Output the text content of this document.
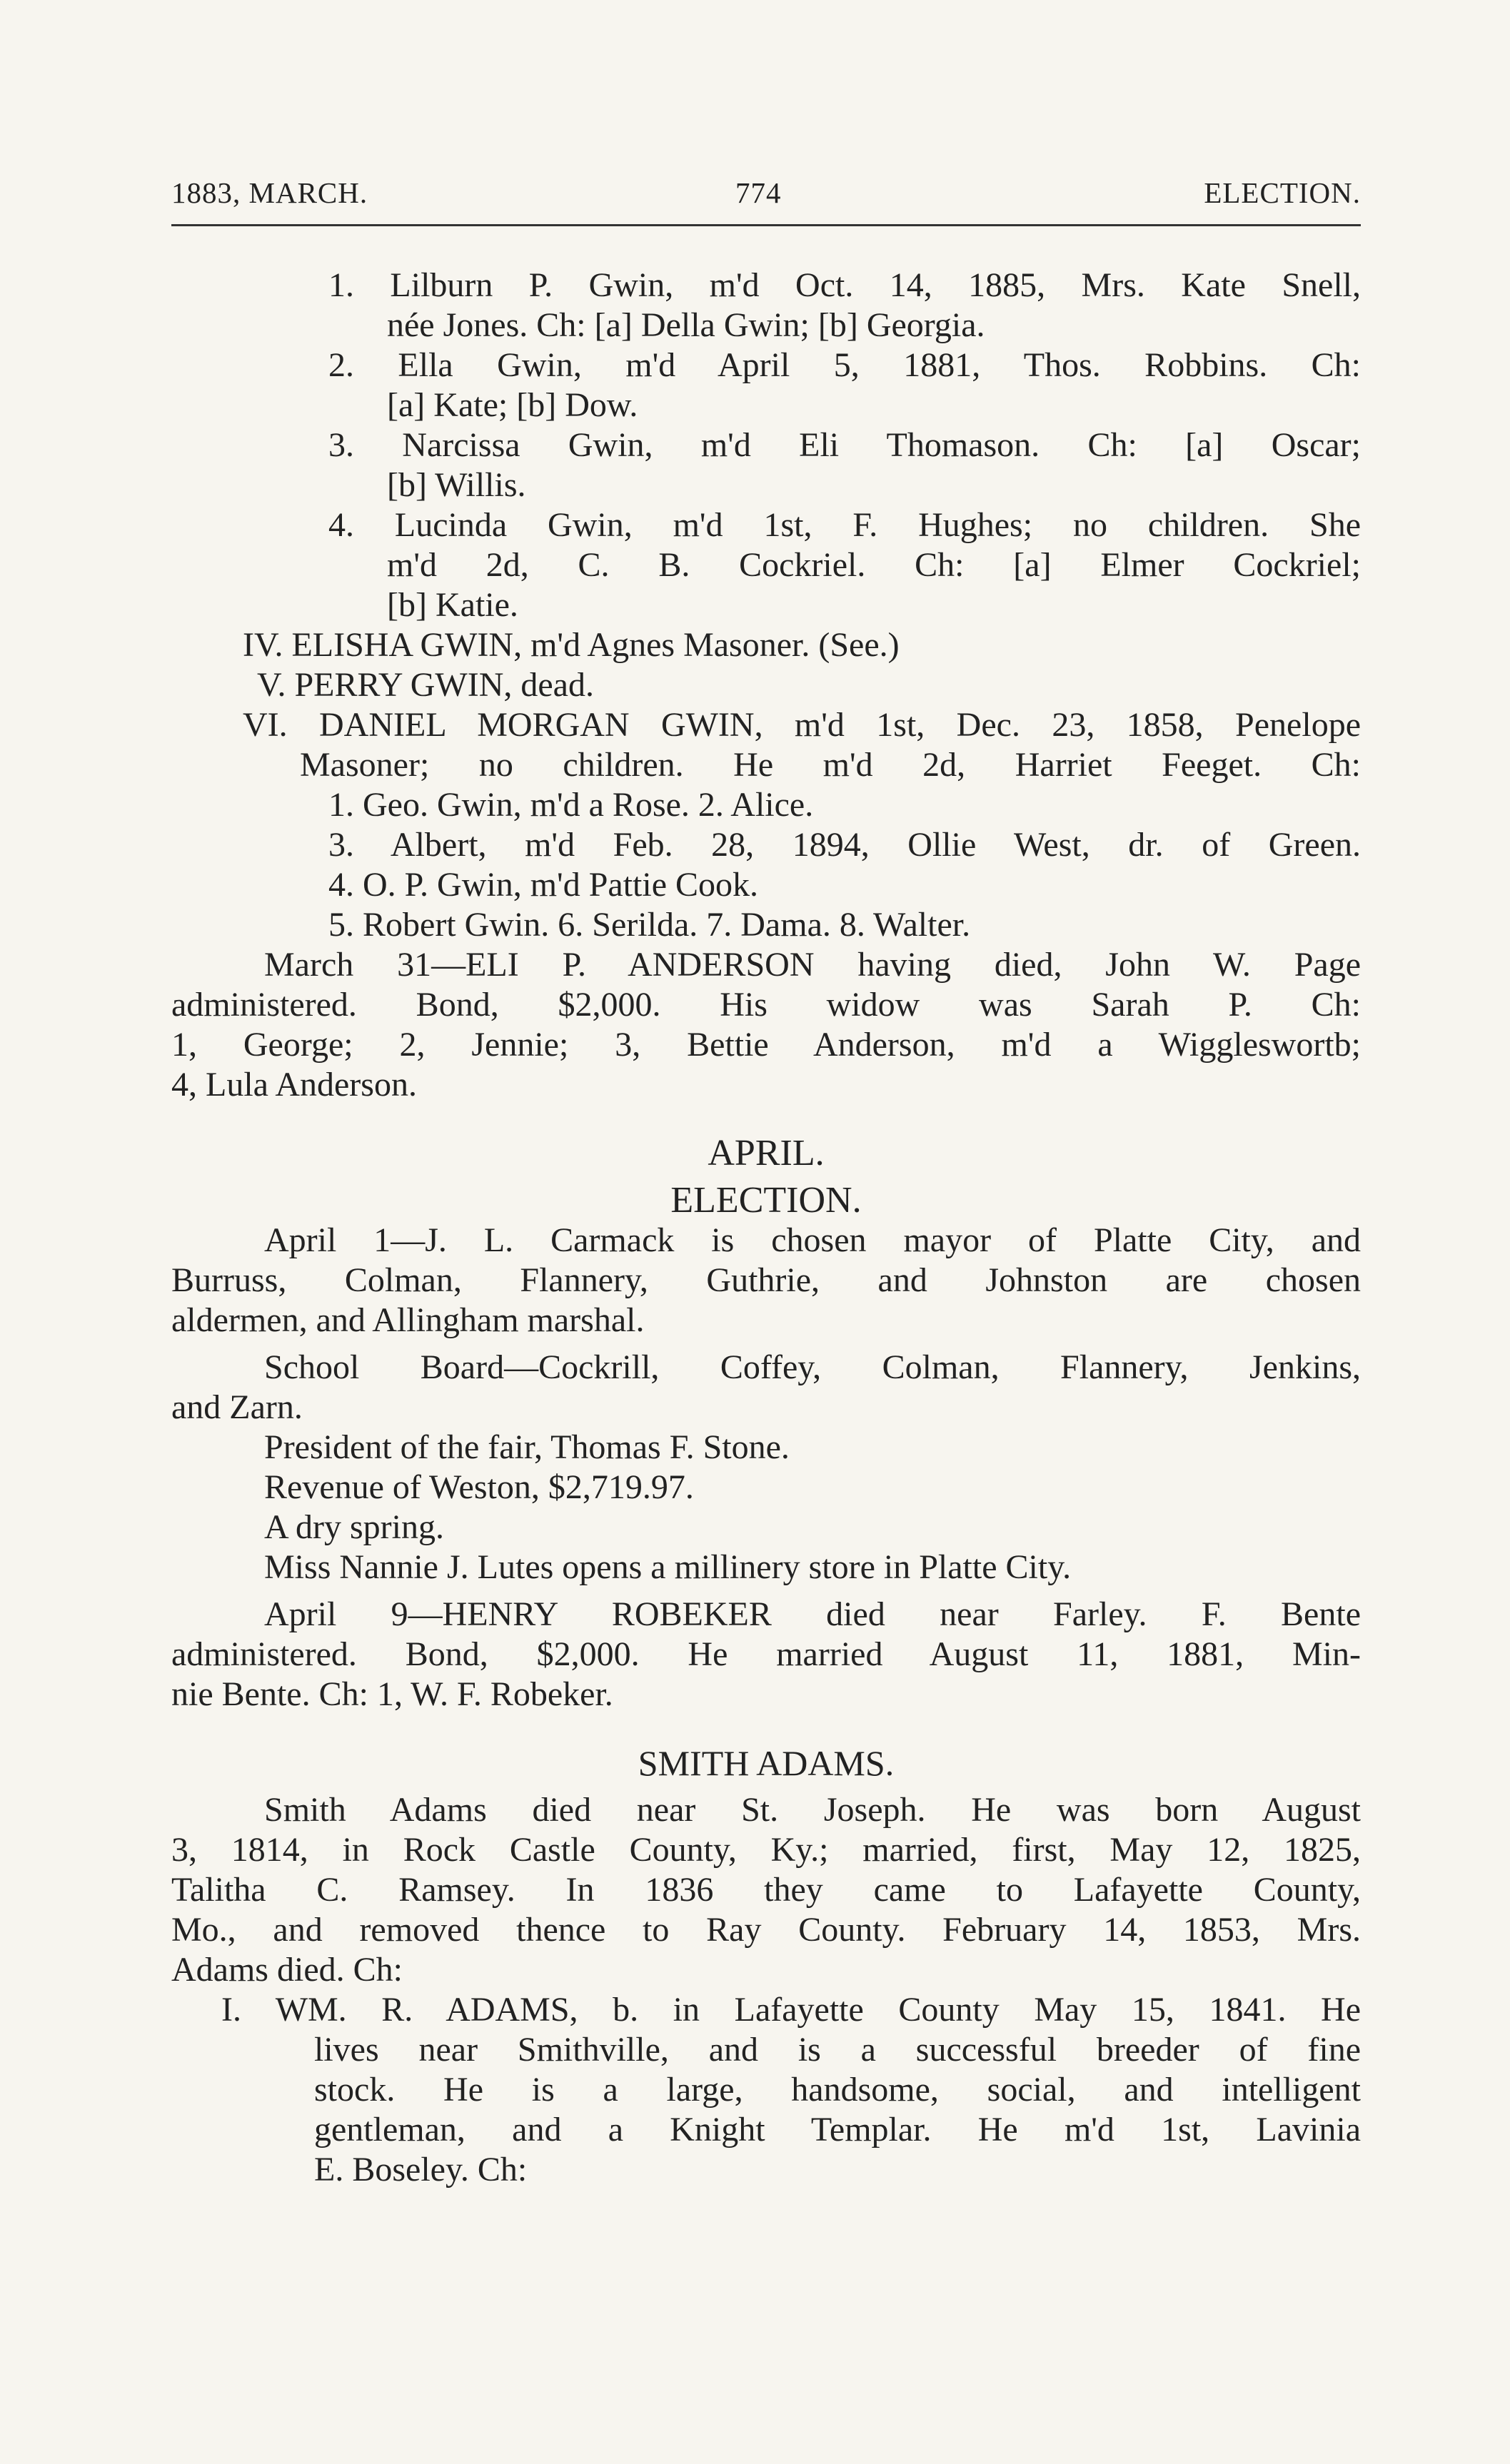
1883, MARCH.	774	ELECTION.
1. Lilburn P. Gwin, m'd Oct. 14, 1885, Mrs. Kate Snell,
née Jones. Ch: [a] Della Gwin; [b] Georgia.
2. Ella Gwin, m'd April 5, 1881, Thos. Robbins. Ch:
[a] Kate; [b] Dow.
3. Narcissa Gwin, m'd Eli Thomason. Ch: [a] Oscar;
[b] Willis.
4. Lucinda Gwin, m'd 1st, F. Hughes; no children. She
m'd 2d, C. B. Cockriel. Ch: [a] Elmer Cockriel;
[b] Katie.
IV. ELISHA GWIN, m'd Agnes Masoner. (See.)
V. PERRY GWIN, dead.
VI. DANIEL MORGAN GWIN, m'd 1st, Dec. 23, 1858, Penelope
Masoner; no children. He m'd 2d, Harriet Feeget. Ch:
1. Geo. Gwin, m'd a Rose. 2. Alice.
3. Albert, m'd Feb. 28, 1894, Ollie West, dr. of Green.
4. O. P. Gwin, m'd Pattie Cook.
5. Robert Gwin. 6. Serilda. 7. Dama. 8. Walter.
March 31—ELI P. ANDERSON having died, John W. Page
administered. Bond, $2,000. His widow was Sarah P. Ch:
1, George; 2, Jennie; 3, Bettie Anderson, m'd a Wiggleswortb;
4, Lula Anderson.
APRIL.
ELECTION.
April 1—J. L. Carmack is chosen mayor of Platte City, and
Burruss, Colman, Flannery, Guthrie, and Johnston are chosen
aldermen, and Allingham marshal.
School Board—Cockrill, Coffey, Colman, Flannery, Jenkins,
and Zarn.
President of the fair, Thomas F. Stone.
Revenue of Weston, $2,719.97.
A dry spring.
Miss Nannie J. Lutes opens a millinery store in Platte City.
April 9—HENRY ROBEKER died near Farley. F. Bente
administered. Bond, $2,000. He married August 11, 1881, Min-
nie Bente. Ch: 1, W. F. Robeker.
SMITH ADAMS.
Smith Adams died near St. Joseph. He was born August
3, 1814, in Rock Castle County, Ky.; married, first, May 12, 1825,
Talitha C. Ramsey. In 1836 they came to Lafayette County,
Mo., and removed thence to Ray County. February 14, 1853, Mrs.
Adams died. Ch:
I. WM. R. ADAMS, b. in Lafayette County May 15, 1841. He
lives near Smithville, and is a successful breeder of fine
stock. He is a large, handsome, social, and intelligent
gentleman, and a Knight Templar. He m'd 1st, Lavinia
E. Boseley. Ch:
